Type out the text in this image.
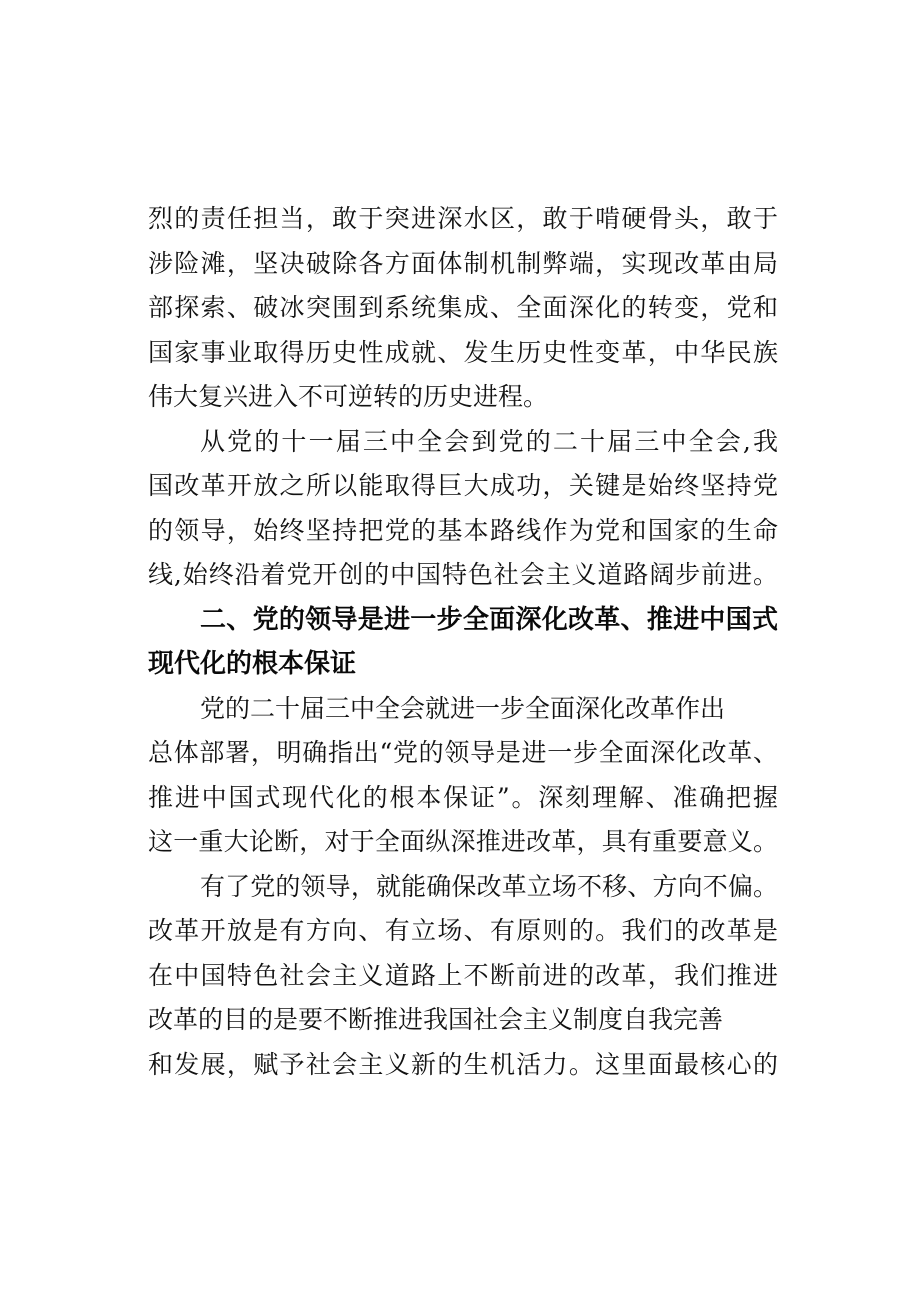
烈的责任担当，敢于突进深水区，敢于啃硬骨头，敢于
涉险滩，坚决破除各方面体制机制弊端，实现改革由局
部探索、破冰突围到系统集成、全面深化的转变，党和
国家事业取得历史性成就、发生历史性变革，中华民族
伟大复兴进入不可逆转的历史进程。
从党的十一届三中全会到党的二十届三中全会,我
国改革开放之所以能取得巨大成功，关键是始终坚持党
的领导，始终坚持把党的基本路线作为党和国家的生命
线,始终沿着党开创的中国特色社会主义道路阔步前进。
二、党的领导是进一步全面深化改革、推进中国式
现代化的根本保证
党的二十届三中全会就进一步全面深化改革作出
总体部署，明确指出“党的领导是进一步全面深化改革、
推进中国式现代化的根本保证”。深刻理解、准确把握
这一重大论断，对于全面纵深推进改革，具有重要意义。
有了党的领导，就能确保改革立场不移、方向不偏。
改革开放是有方向、有立场、有原则的。我们的改革是
在中国特色社会主义道路上不断前进的改革，我们推进
改革的目的是要不断推进我国社会主义制度自我完善
和发展，赋予社会主义新的生机活力。这里面最核心的
